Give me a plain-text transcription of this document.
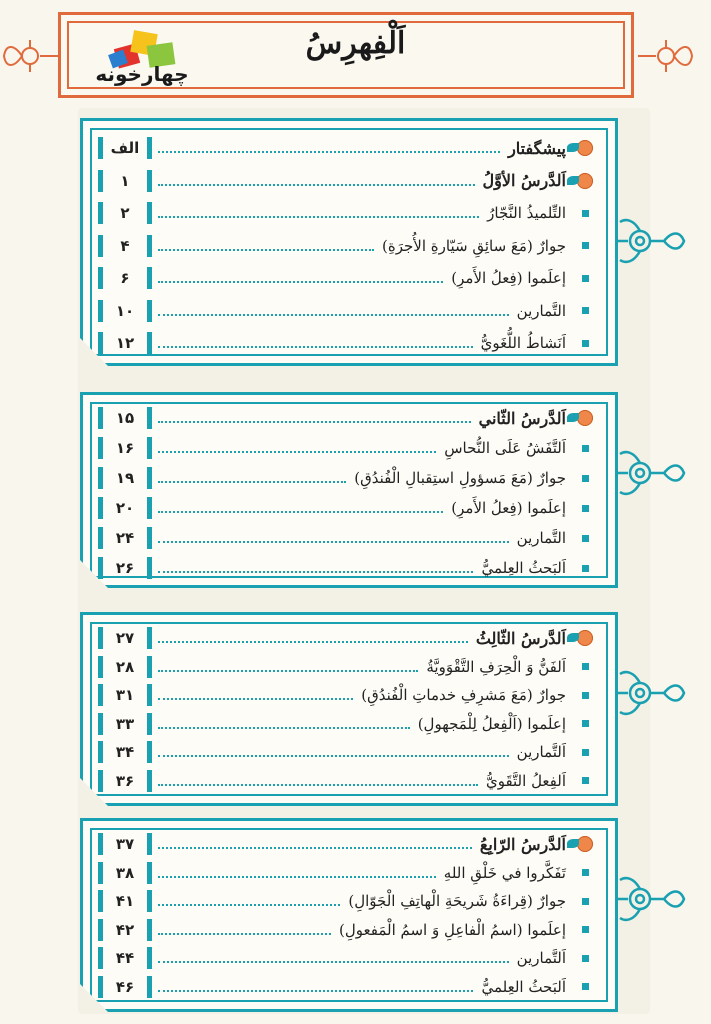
اَلْفِهرِسُ
چهارخونه
پیشگفتار
الف
اَلدَّرسُ الأوَّلُ
۱
التِّلميذُ النَّجّارُ
۲
جوارٌ (مَعَ سائِقِ سَيّارةِ الأُجرَةِ)
۴
إعلَموا (فِعلُ الأَمرِ)
۶
التَّمارين
۱۰
اَنَشاطُ اللُّغَويُّ
۱۲
اَلدَّرسُ الثّاني
۱۵
اَلتَّفَشُ عَلَى النُّحاسِ
۱۶
جوارٌ (مَعَ مَسؤولِ استِقبالِ الْفُندُقِ)
۱۹
إعلَموا (فِعلُ الأَمرِ)
۲۰
التَّمارين
۲۴
اَلبَحثُ العِلميُّ
۲۶
اَلدَّرسُ الثّالِثُ
۲۷
اَلفَنُّ وَ الْحِرَفِ التَّقْوَويَّةُ
۲۸
جوارٌ (مَعَ مَشرِفِ خدماتِ الْفُندُقِ)
۳۱
إعلَموا (اَلْفِعلُ لِلْمَجهولِ)
۳۳
اَلتَّمارين
۳۴
اَلفِعلُ التَّقَويُّ
۳۶
اَلدَّرسُ الرّابِعُ
۳۷
تَفَكَّروا في خَلْقِ اللهِ
۳۸
جوارٌ (قِراءَةُ شَريحَةِ الْهاتِفِ الْجَوّالِ)
۴۱
إعلَموا (اسمُ الْفاعِلِ وَ اسمُ الْمَفعولِ)
۴۲
اَلتَّمارين
۴۴
اَلبَحثُ العِلميُّ
۴۶
